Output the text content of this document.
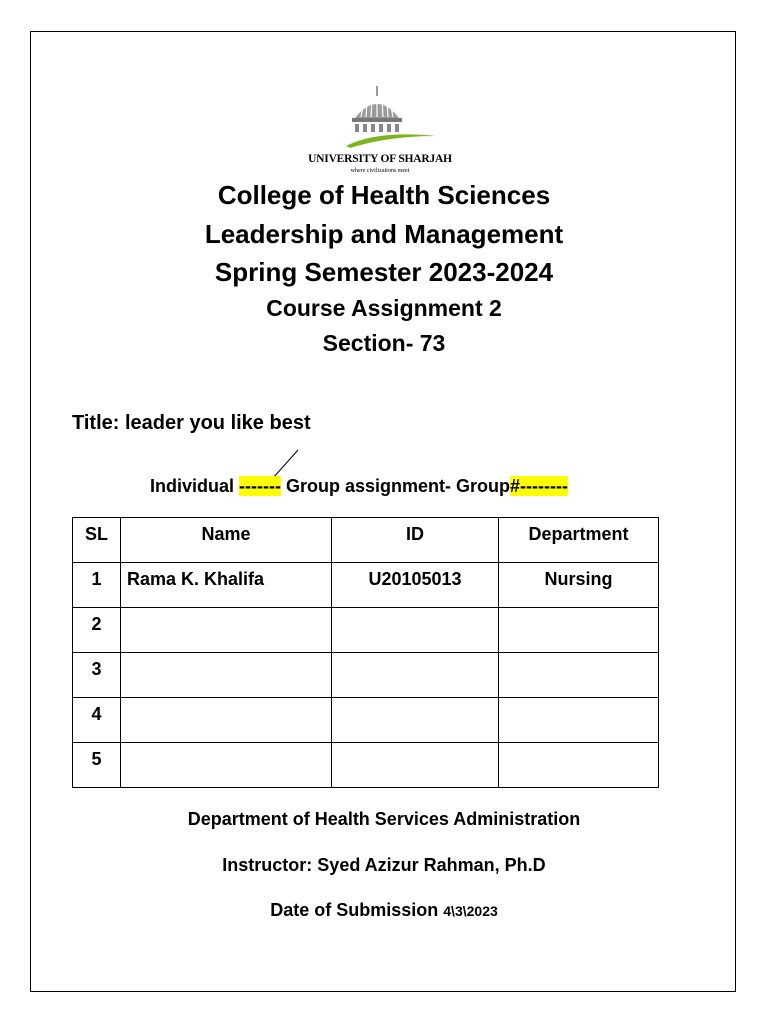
UNIVERSITY OF SHARJAH
where civilizations meet
College of Health Sciences
Leadership and Management
Spring Semester 2023-2024
Course Assignment 2
Section- 73
Title: leader you like best
Individual ------- Group assignment- Group#--------
SL	Name	ID	Department
1	Rama K. Khalifa	U20105013	Nursing
2			
3			
4			
5			
Department of Health Services Administration
Instructor: Syed Azizur Rahman, Ph.D
Date of Submission 4\3\2023
